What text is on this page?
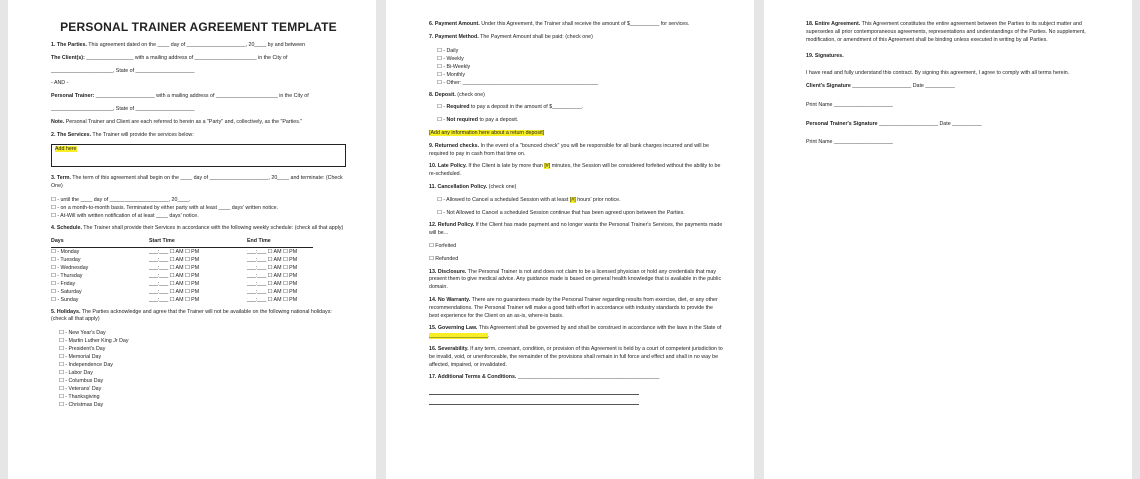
PERSONAL TRAINER AGREEMENT TEMPLATE

1. The Parties. This agreement dated on the ____ day of ____________________, 20____ by and between

The Client(s): ________________ with a mailing address of _____________________ in the City of

_____________________, State of ____________________

- AND -

Personal Trainer: ____________________ with a mailing address of _____________________ in the City of

_____________________, State of ____________________

Note. Personal Trainer and Client are each referred to herein as a "Party" and, collectively, as the "Parties."

2. The Services. The Trainer will provide the services below:

Add here

3. Term. The term of this agreement shall begin on the ____ day of ____________________, 20____ and terminate: (Check One)

☐ - until the ____ day of ____________________, 20____.
☐ - on a month-to-month basis. Terminated by either party with at least ____ days' written notice.
☐ - At-Will with written notification of at least ____ days' notice.

4. Schedule. The Trainer shall provide their Services in accordance with the following weekly schedule: (check all that apply)

Days	Start Time	End Time
☐ - Monday	___:___ ☐ AM ☐ PM	___:___ ☐ AM ☐ PM
☐ - Tuesday	___:___ ☐ AM ☐ PM	___:___ ☐ AM ☐ PM
☐ - Wednesday	___:___ ☐ AM ☐ PM	___:___ ☐ AM ☐ PM
☐ - Thursday	___:___ ☐ AM ☐ PM	___:___ ☐ AM ☐ PM
☐ - Friday	___:___ ☐ AM ☐ PM	___:___ ☐ AM ☐ PM
☐ - Saturday	___:___ ☐ AM ☐ PM	___:___ ☐ AM ☐ PM
☐ - Sunday	___:___ ☐ AM ☐ PM	___:___ ☐ AM ☐ PM

5. Holidays. The Parties acknowledge and agree that the Trainer will not be available on the following national holidays: (check all that apply)

☐ - New Year's Day
☐ - Martin Luther King Jr Day
☐ - President's Day
☐ - Memorial Day
☐ - Independence Day
☐ - Labor Day
☐ - Columbus Day
☐ - Veterans' Day
☐ - Thanksgiving
☐ - Christmas Day

6. Payment Amount. Under this Agreement, the Trainer shall receive the amount of $__________ for services.

7. Payment Method. The Payment Amount shall be paid: (check one)

☐ - Daily
☐ - Weekly
☐ - Bi-Weekly
☐ - Monthly
☐ - Other: ______________________________________________

8. Deposit. (check one)

☐ - Required to pay a deposit in the amount of $__________.

☐ - Not required to pay a deposit.

[Add any information here about a return deposit]

9. Returned checks. In the event of a "bounced check" you will be responsible for all bank charges incurred and will be required to pay in cash from that time on.

10. Late Policy. If the Client is late by more than [#] minutes, the Session will be considered forfeited without the ability to be re-scheduled.

11. Cancellation Policy. (check one)

☐ - Allowed to Cancel a scheduled Session with at least [#] hours' prior notice.

☐ - Not Allowed to Cancel a scheduled Session continue that has been agreed upon between the Parties.

12. Refund Policy. If the Client has made payment and no longer wants the Personal Trainer's Services, the payments made will be...

☐ Forfeited

☐ Refunded

13. Disclosure. The Personal Trainer is not and does not claim to be a licensed physician or hold any credentials that may present them to give medical advice. Any guidance made is based on general health knowledge that is available in the public domain.

14. No Warranty. There are no guarantees made by the Personal Trainer regarding results from exercise, diet, or any other recommendations. The Personal Trainer will make a good faith effort in accordance with industry standards to provide the best experience for the Client on an as-is, where-is basis.

15. Governing Law. This Agreement shall be governed by and shall be construed in accordance with the laws in the State of ____________________.

16. Severability. If any term, covenant, condition, or provision of this Agreement is held by a court of competent jurisdiction to be invalid, void, or unenforceable, the remainder of the provisions shall remain in full force and effect and shall in no way be affected, impaired, or invalidated.

17. Additional Terms & Conditions. ________________________________________________

18. Entire Agreement. This Agreement constitutes the entire agreement between the Parties to its subject matter and supersedes all prior contemporaneous agreements, representations and understandings of the Parties. No supplement, modification, or amendment of this Agreement shall be binding unless executed in writing by all Parties.

19. Signatures.

I have read and fully understand this contract. By signing this agreement, I agree to comply with all terms herein.

Client's Signature ____________________ Date __________

Print Name ____________________

Personal Trainer's Signature ____________________ Date __________

Print Name ____________________
